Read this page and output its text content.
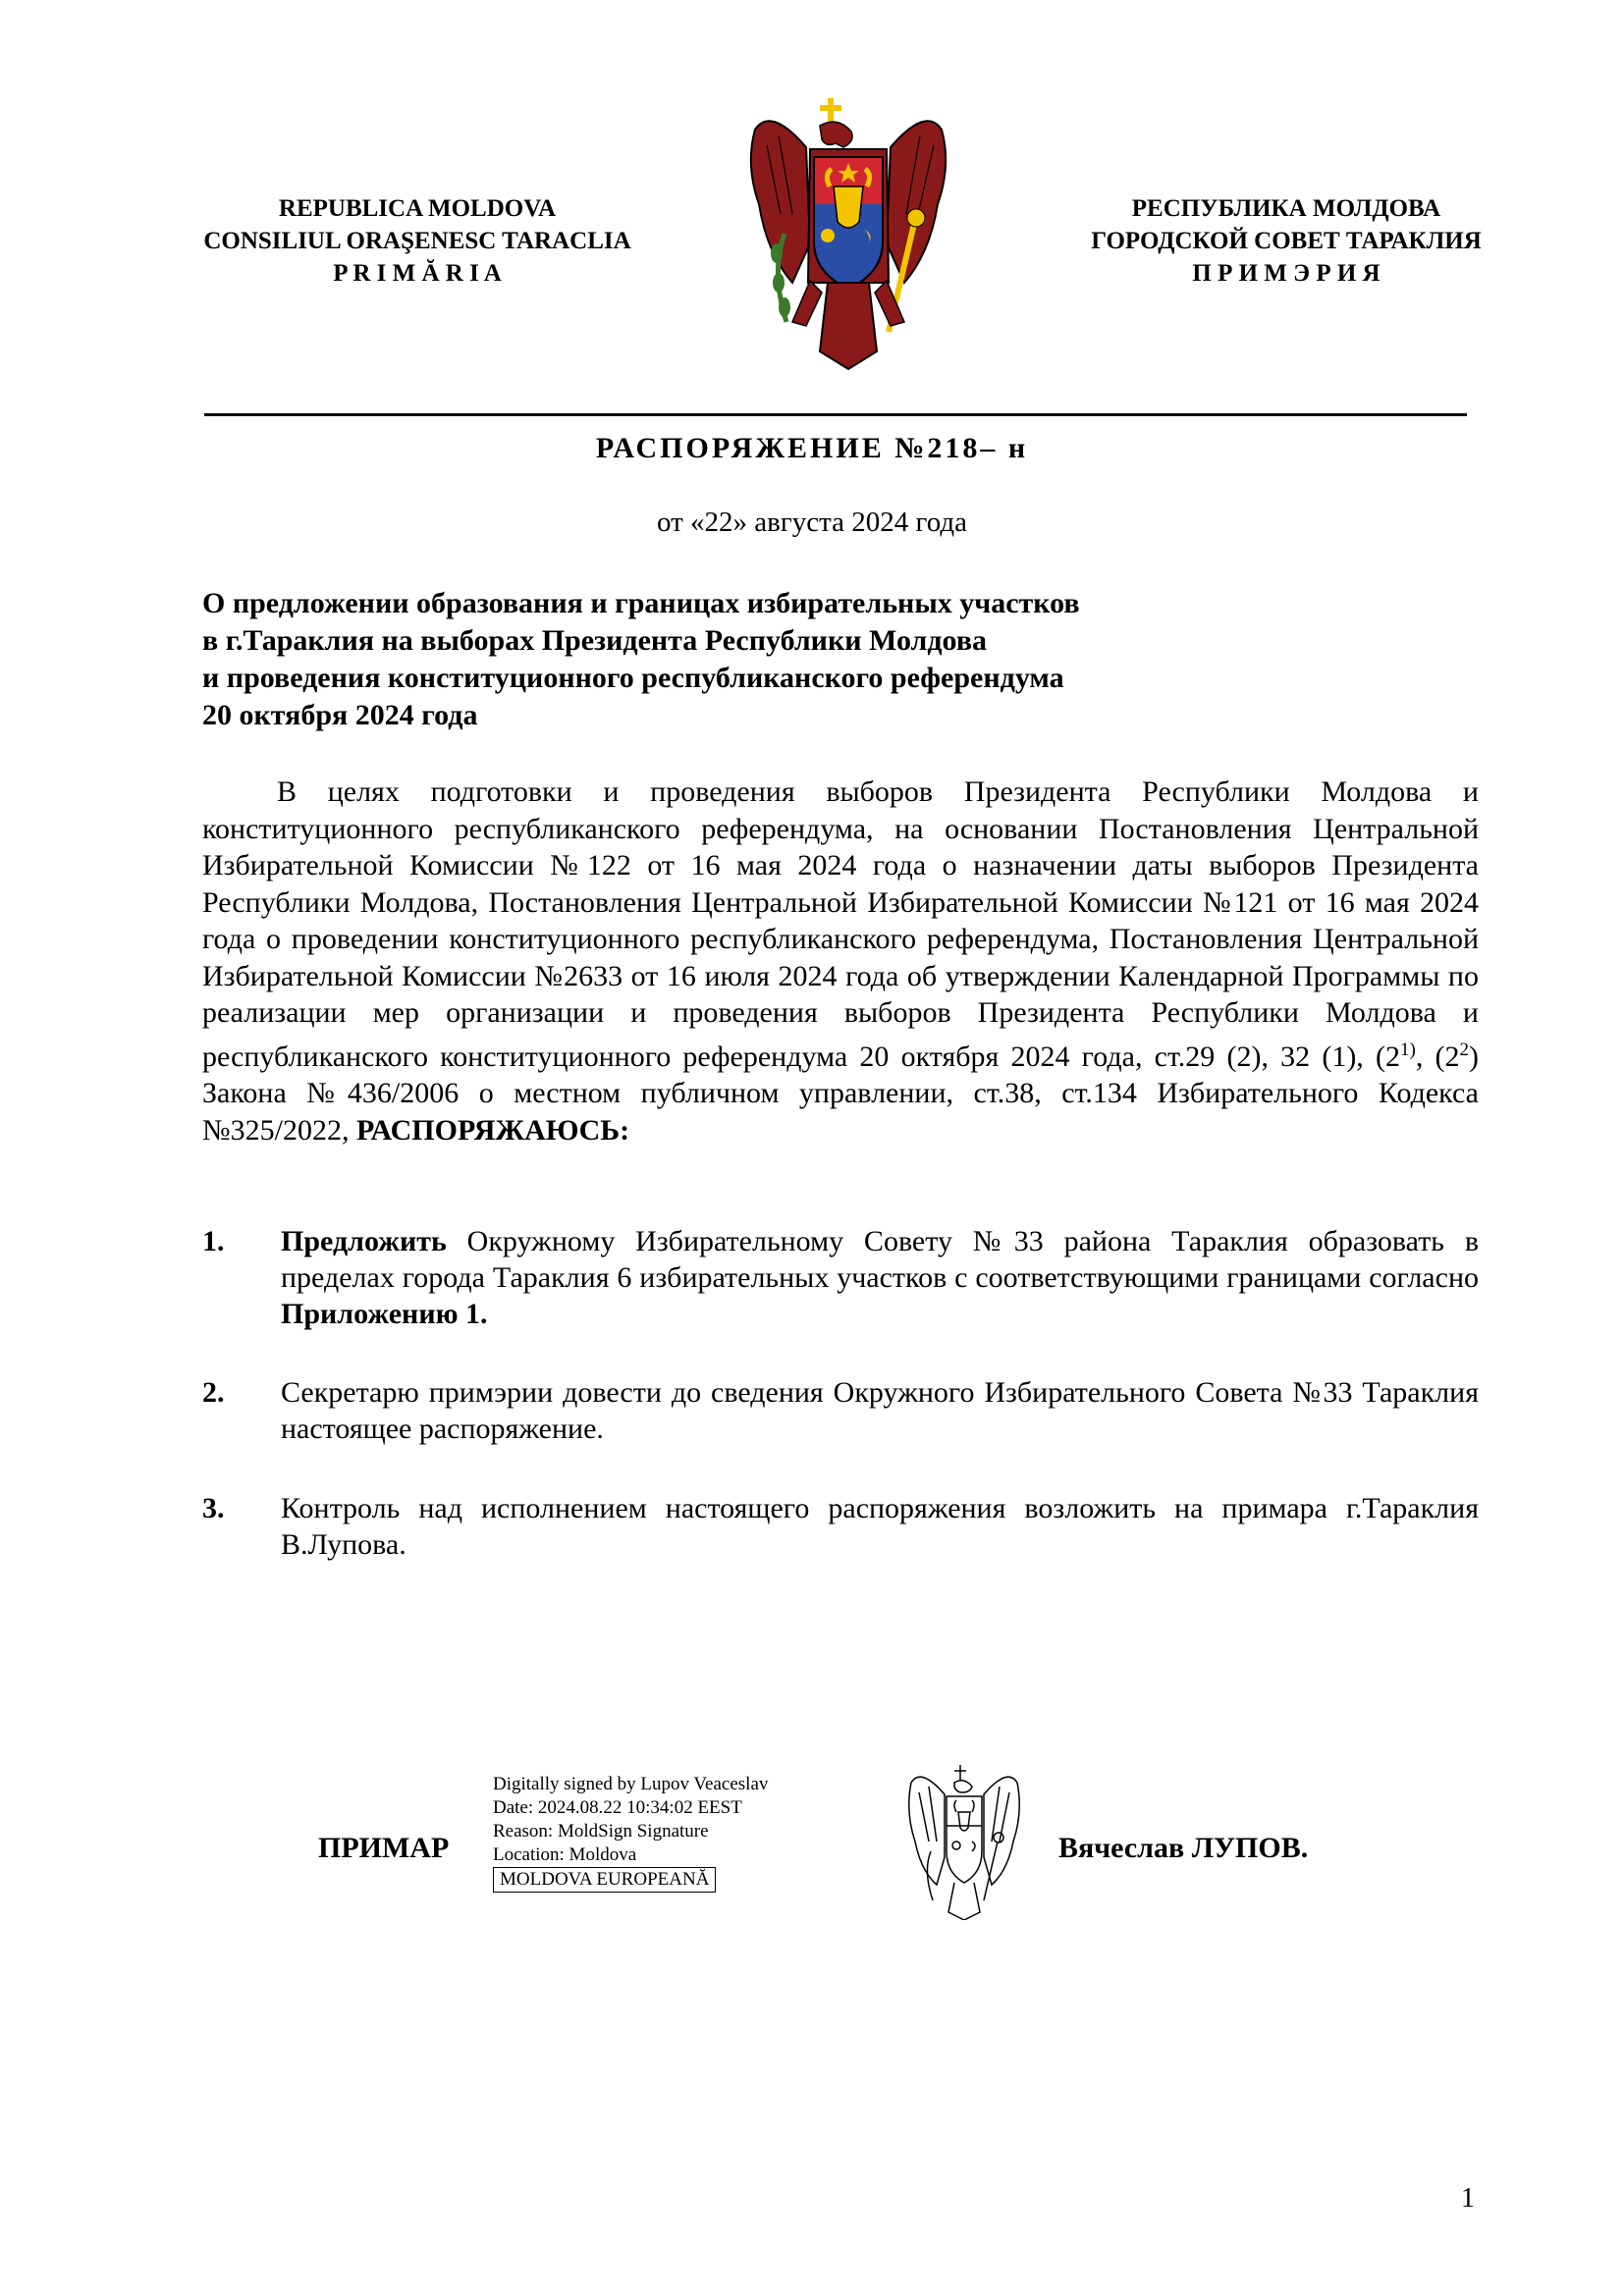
REPUBLICA MOLDOVA
CONSILIUL ORAŞENESC TARACLIA
P R I M Ă R I A
РЕСПУБЛИКА МОЛДОВА
ГОРОДСКОЙ СОВЕТ ТАРАКЛИЯ
П Р И М Э Р И Я
РАСПОРЯЖЕНИЕ №218– н
от «22» августа 2024 года
О предложении образования и границах избирательных участков
в г.Тараклия на выборах Президента Республики Молдова
и проведения конституционного республиканского референдума
20 октября 2024 года
В целях подготовки и проведения выборов Президента Республики Молдова и конституционного республиканского референдума, на основании Постановления Центральной Избирательной Комиссии №122 от 16 мая 2024 года о назначении даты выборов Президента Республики Молдова, Постановления Центральной Избирательной Комиссии №121 от 16 мая 2024 года о проведении конституционного республиканского референдума, Постановления Центральной Избирательной Комиссии №2633 от 16 июля 2024 года об утверждении Календарной Программы по реализации мер организации и проведения выборов Президента Республики Молдова и республиканского конституционного референдума 20 октября 2024 года, ст.29 (2), 32 (1), (2$^{1)}$, $(2^2)$ Закона №436/2006 о местном публичном управлении, ст.38, ст.134 Избирательного Кодекса №325/2022, РАСПОРЯЖАЮСЬ:
1. Предложить Окружному Избирательному Совету №33 района Тараклия образовать в пределах города Тараклия 6 избирательных участков с соответствующими границами согласно Приложению 1.
2. Секретарю примэрии довести до сведения Окружного Избирательного Совета №33 Тараклия настоящее распоряжение.
3. Контроль над исполнением настоящего распоряжения возложить на примара г.Тараклия В.Лупова.
ПРИМАР
Digitally signed by Lupov Veaceslav
Date: 2024.08.22 10:34:02 EEST
Reason: MoldSign Signature
Location: Moldova
MOLDOVA EUROPEANĂ
Вячеслав ЛУПОВ.
1
